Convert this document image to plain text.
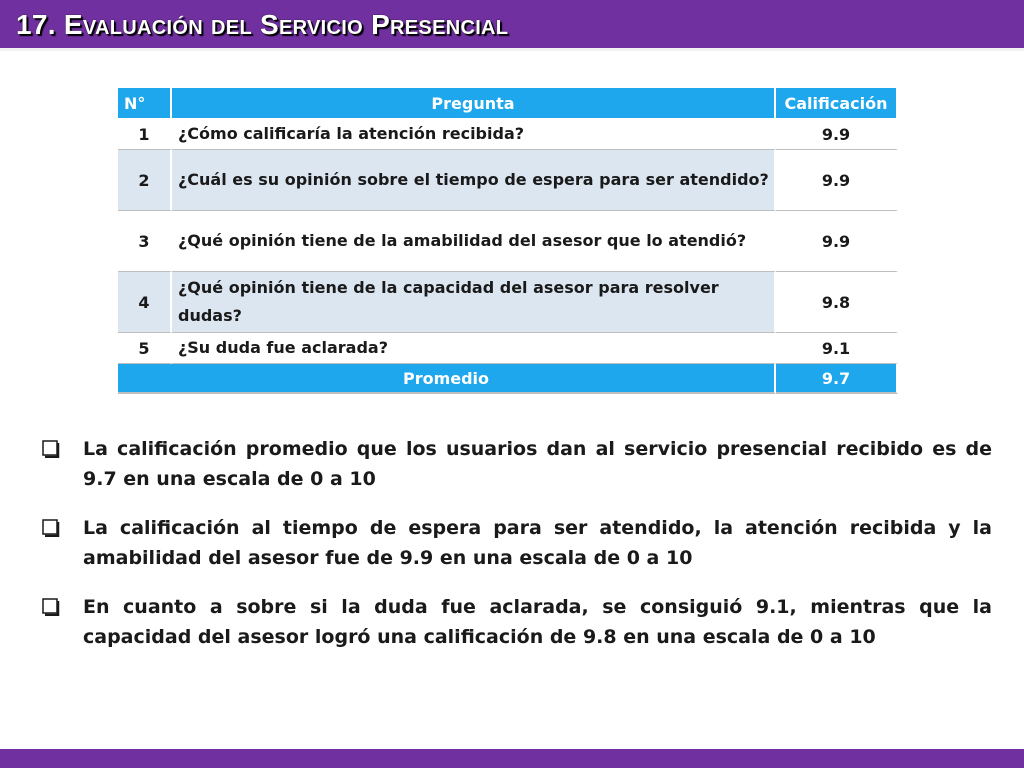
17. Evaluación del Servicio Presencial
N°	Pregunta	Calificación
1	¿Cómo calificaría la atención recibida?	9.9
2	¿Cuál es su opinión sobre el tiempo de espera para ser atendido?	9.9
3	¿Qué opinión tiene de la amabilidad del asesor que lo atendió?	9.9
4	¿Qué opinión tiene de la capacidad del asesor para resolver dudas?	9.8
5	¿Su duda fue aclarada?	9.1
Promedio		9.7
La calificación promedio que los usuarios dan al servicio presencial recibido es de 9.7 en una escala de 0 a 10
La calificación al tiempo de espera para ser atendido, la atención recibida y la amabilidad del asesor fue de 9.9 en una escala de 0 a 10
En cuanto a sobre si la duda fue aclarada, se consiguió 9.1, mientras que la capacidad del asesor logró una calificación de 9.8 en una escala de 0 a 10
